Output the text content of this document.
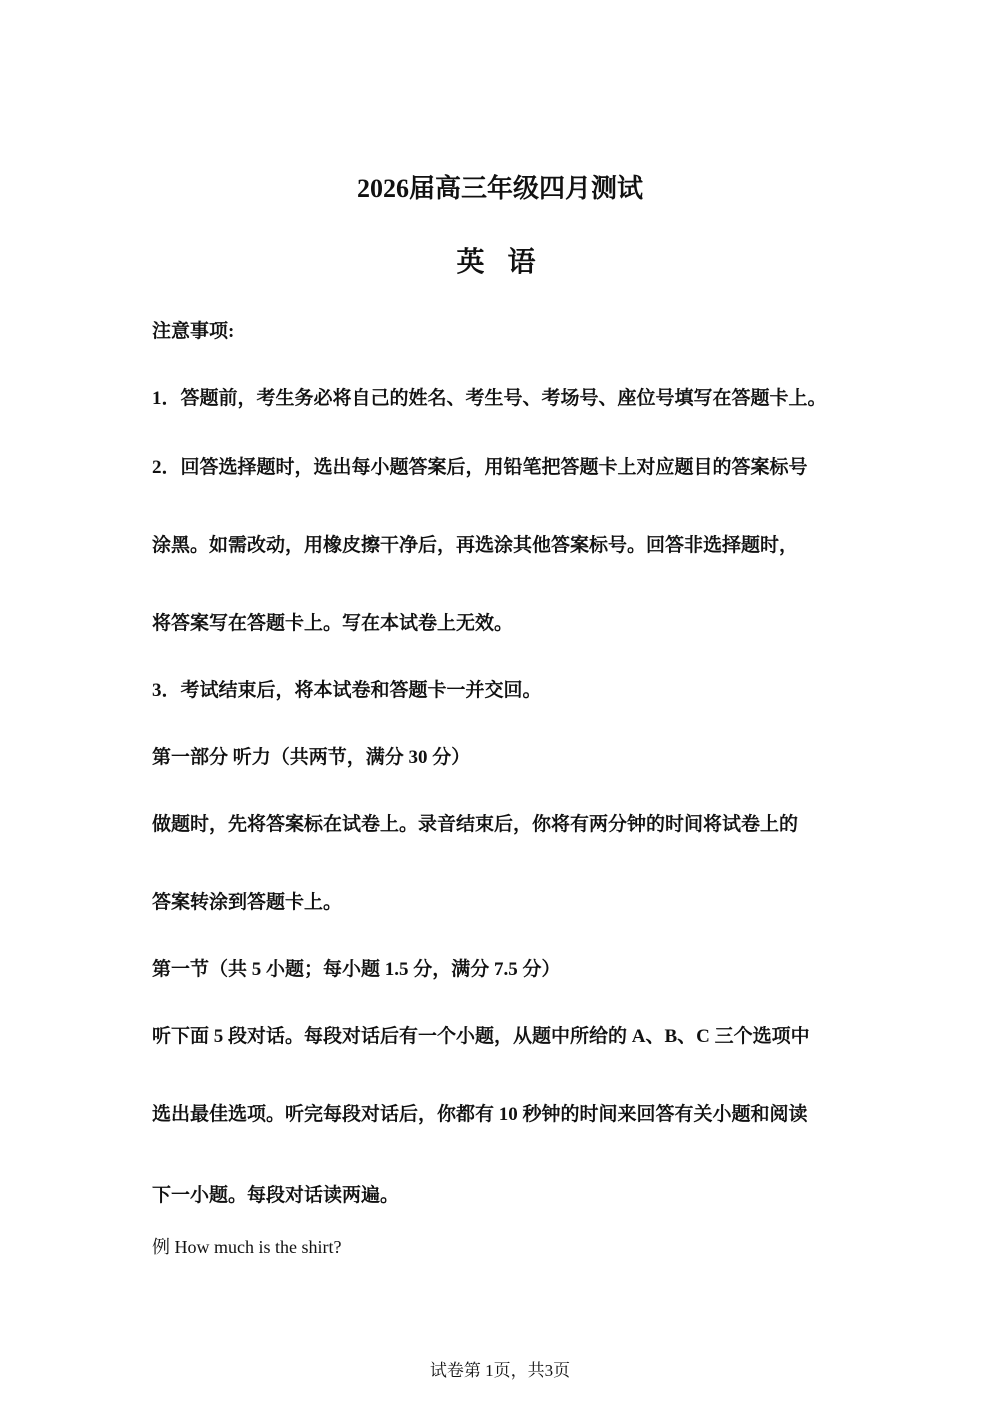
2026届高三年级四月测试
英 语
注意事项:
1．答题前，考生务必将自己的姓名、考生号、考场号、座位号填写在答题卡上。
2．回答选择题时，选出每小题答案后，用铅笔把答题卡上对应题目的答案标号
涂黑。如需改动，用橡皮擦干净后，再选涂其他答案标号。回答非选择题时，
将答案写在答题卡上。写在本试卷上无效。
3．考试结束后，将本试卷和答题卡一并交回。
第一部分 听力（共两节，满分 30 分）
做题时，先将答案标在试卷上。录音结束后，你将有两分钟的时间将试卷上的
答案转涂到答题卡上。
第一节（共 5 小题；每小题 1.5 分，满分 7.5 分）
听下面 5 段对话。每段对话后有一个小题，从题中所给的 A、B、C 三个选项中
选出最佳选项。听完每段对话后，你都有 10 秒钟的时间来回答有关小题和阅读
下一小题。每段对话读两遍。
例 How much is the shirt?
试卷第 1页，共3页
